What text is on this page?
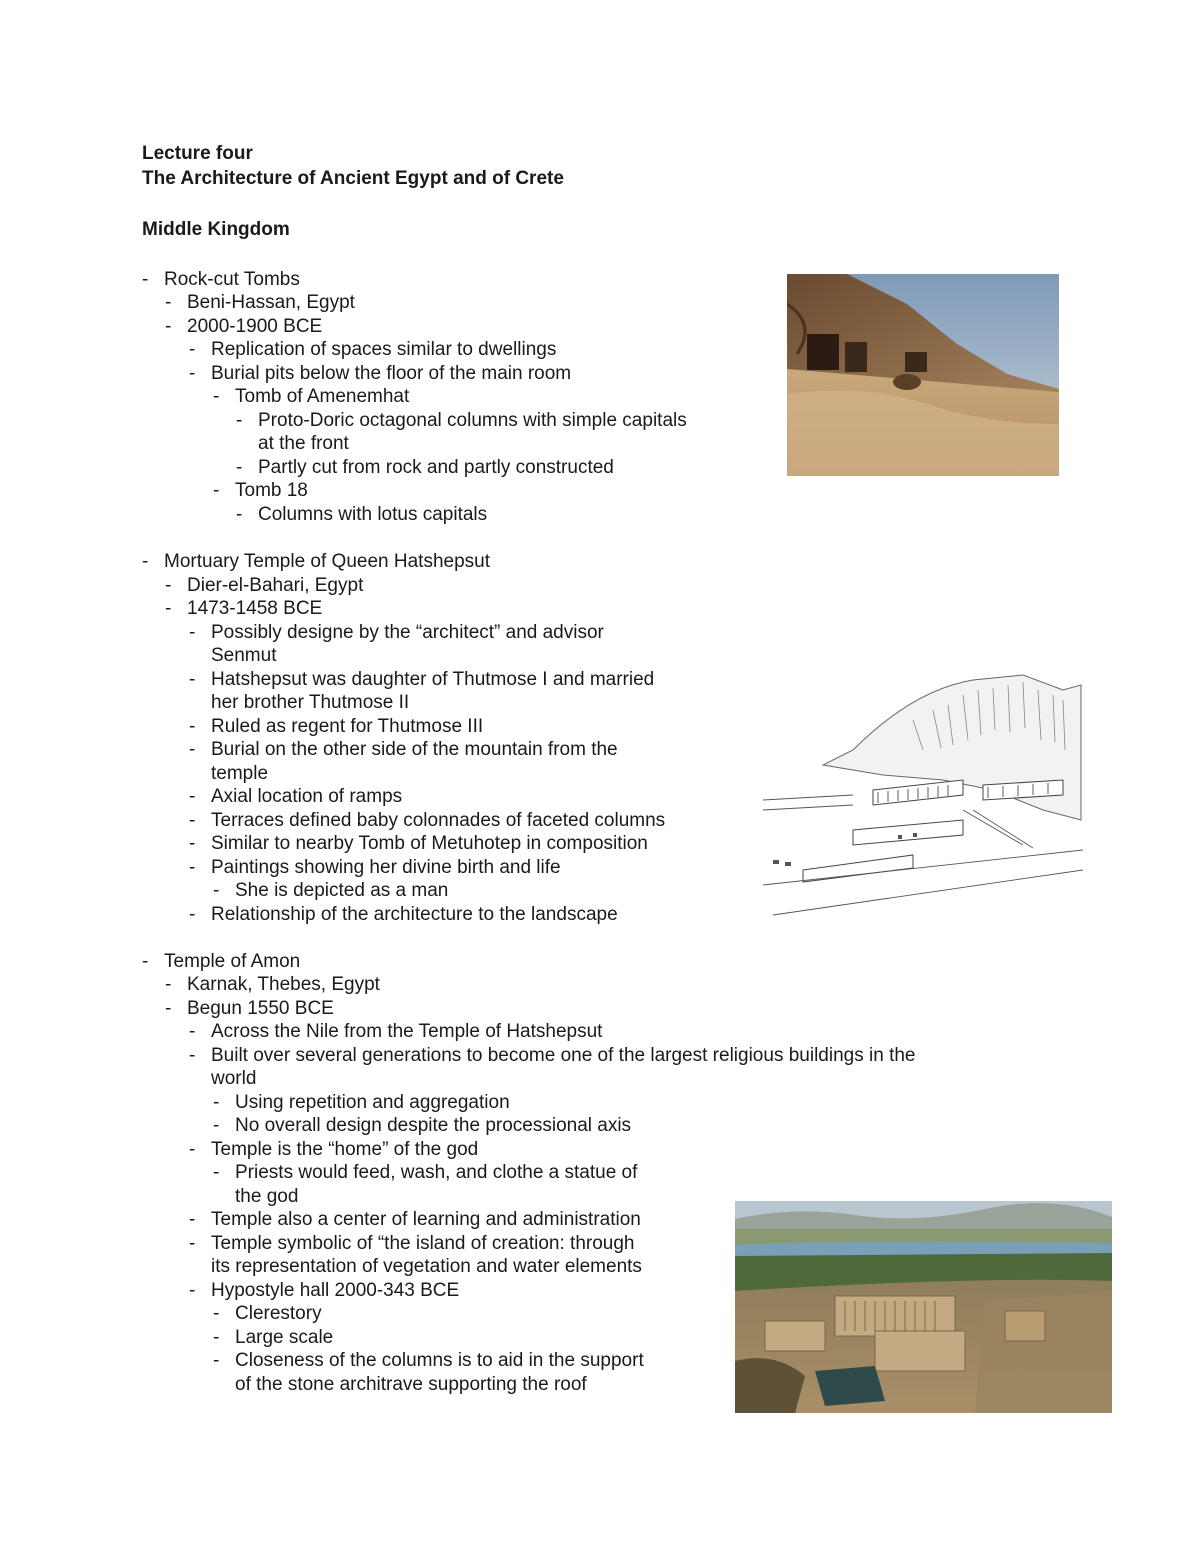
Lecture four
The Architecture of Ancient Egypt and of Crete
Middle Kingdom
- Rock-cut Tombs
- Beni-Hassan, Egypt
- 2000-1900 BCE
- Replication of spaces similar to dwellings
- Burial pits below the floor of the main room
- Tomb of Amenemhat
- Proto-Doric octagonal columns with simple capitals
at the front
- Partly cut from rock and partly constructed
- Tomb 18
- Columns with lotus capitals
- Mortuary Temple of Queen Hatshepsut
- Dier-el-Bahari, Egypt
- 1473-1458 BCE
- Possibly designe by the “architect” and advisor
Senmut
- Hatshepsut was daughter of Thutmose I and married
her brother Thutmose II
- Ruled as regent for Thutmose III
- Burial on the other side of the mountain from the
temple
- Axial location of ramps
- Terraces defined baby colonnades of faceted columns
- Similar to nearby Tomb of Metuhotep in composition
- Paintings showing her divine birth and life
- She is depicted as a man
- Relationship of the architecture to the landscape
- Temple of Amon
- Karnak, Thebes, Egypt
- Begun 1550 BCE
- Across the Nile from the Temple of Hatshepsut
- Built over several generations to become one of the largest religious buildings in the
world
- Using repetition and aggregation
- No overall design despite the processional axis
- Temple is the “home” of the god
- Priests would feed, wash, and clothe a statue of
the god
- Temple also a center of learning and administration
- Temple symbolic of “the island of creation: through
its representation of vegetation and water elements
- Hypostyle hall 2000-343 BCE
- Clerestory
- Large scale
- Closeness of the columns is to aid in the support
of the stone architrave supporting the roof
